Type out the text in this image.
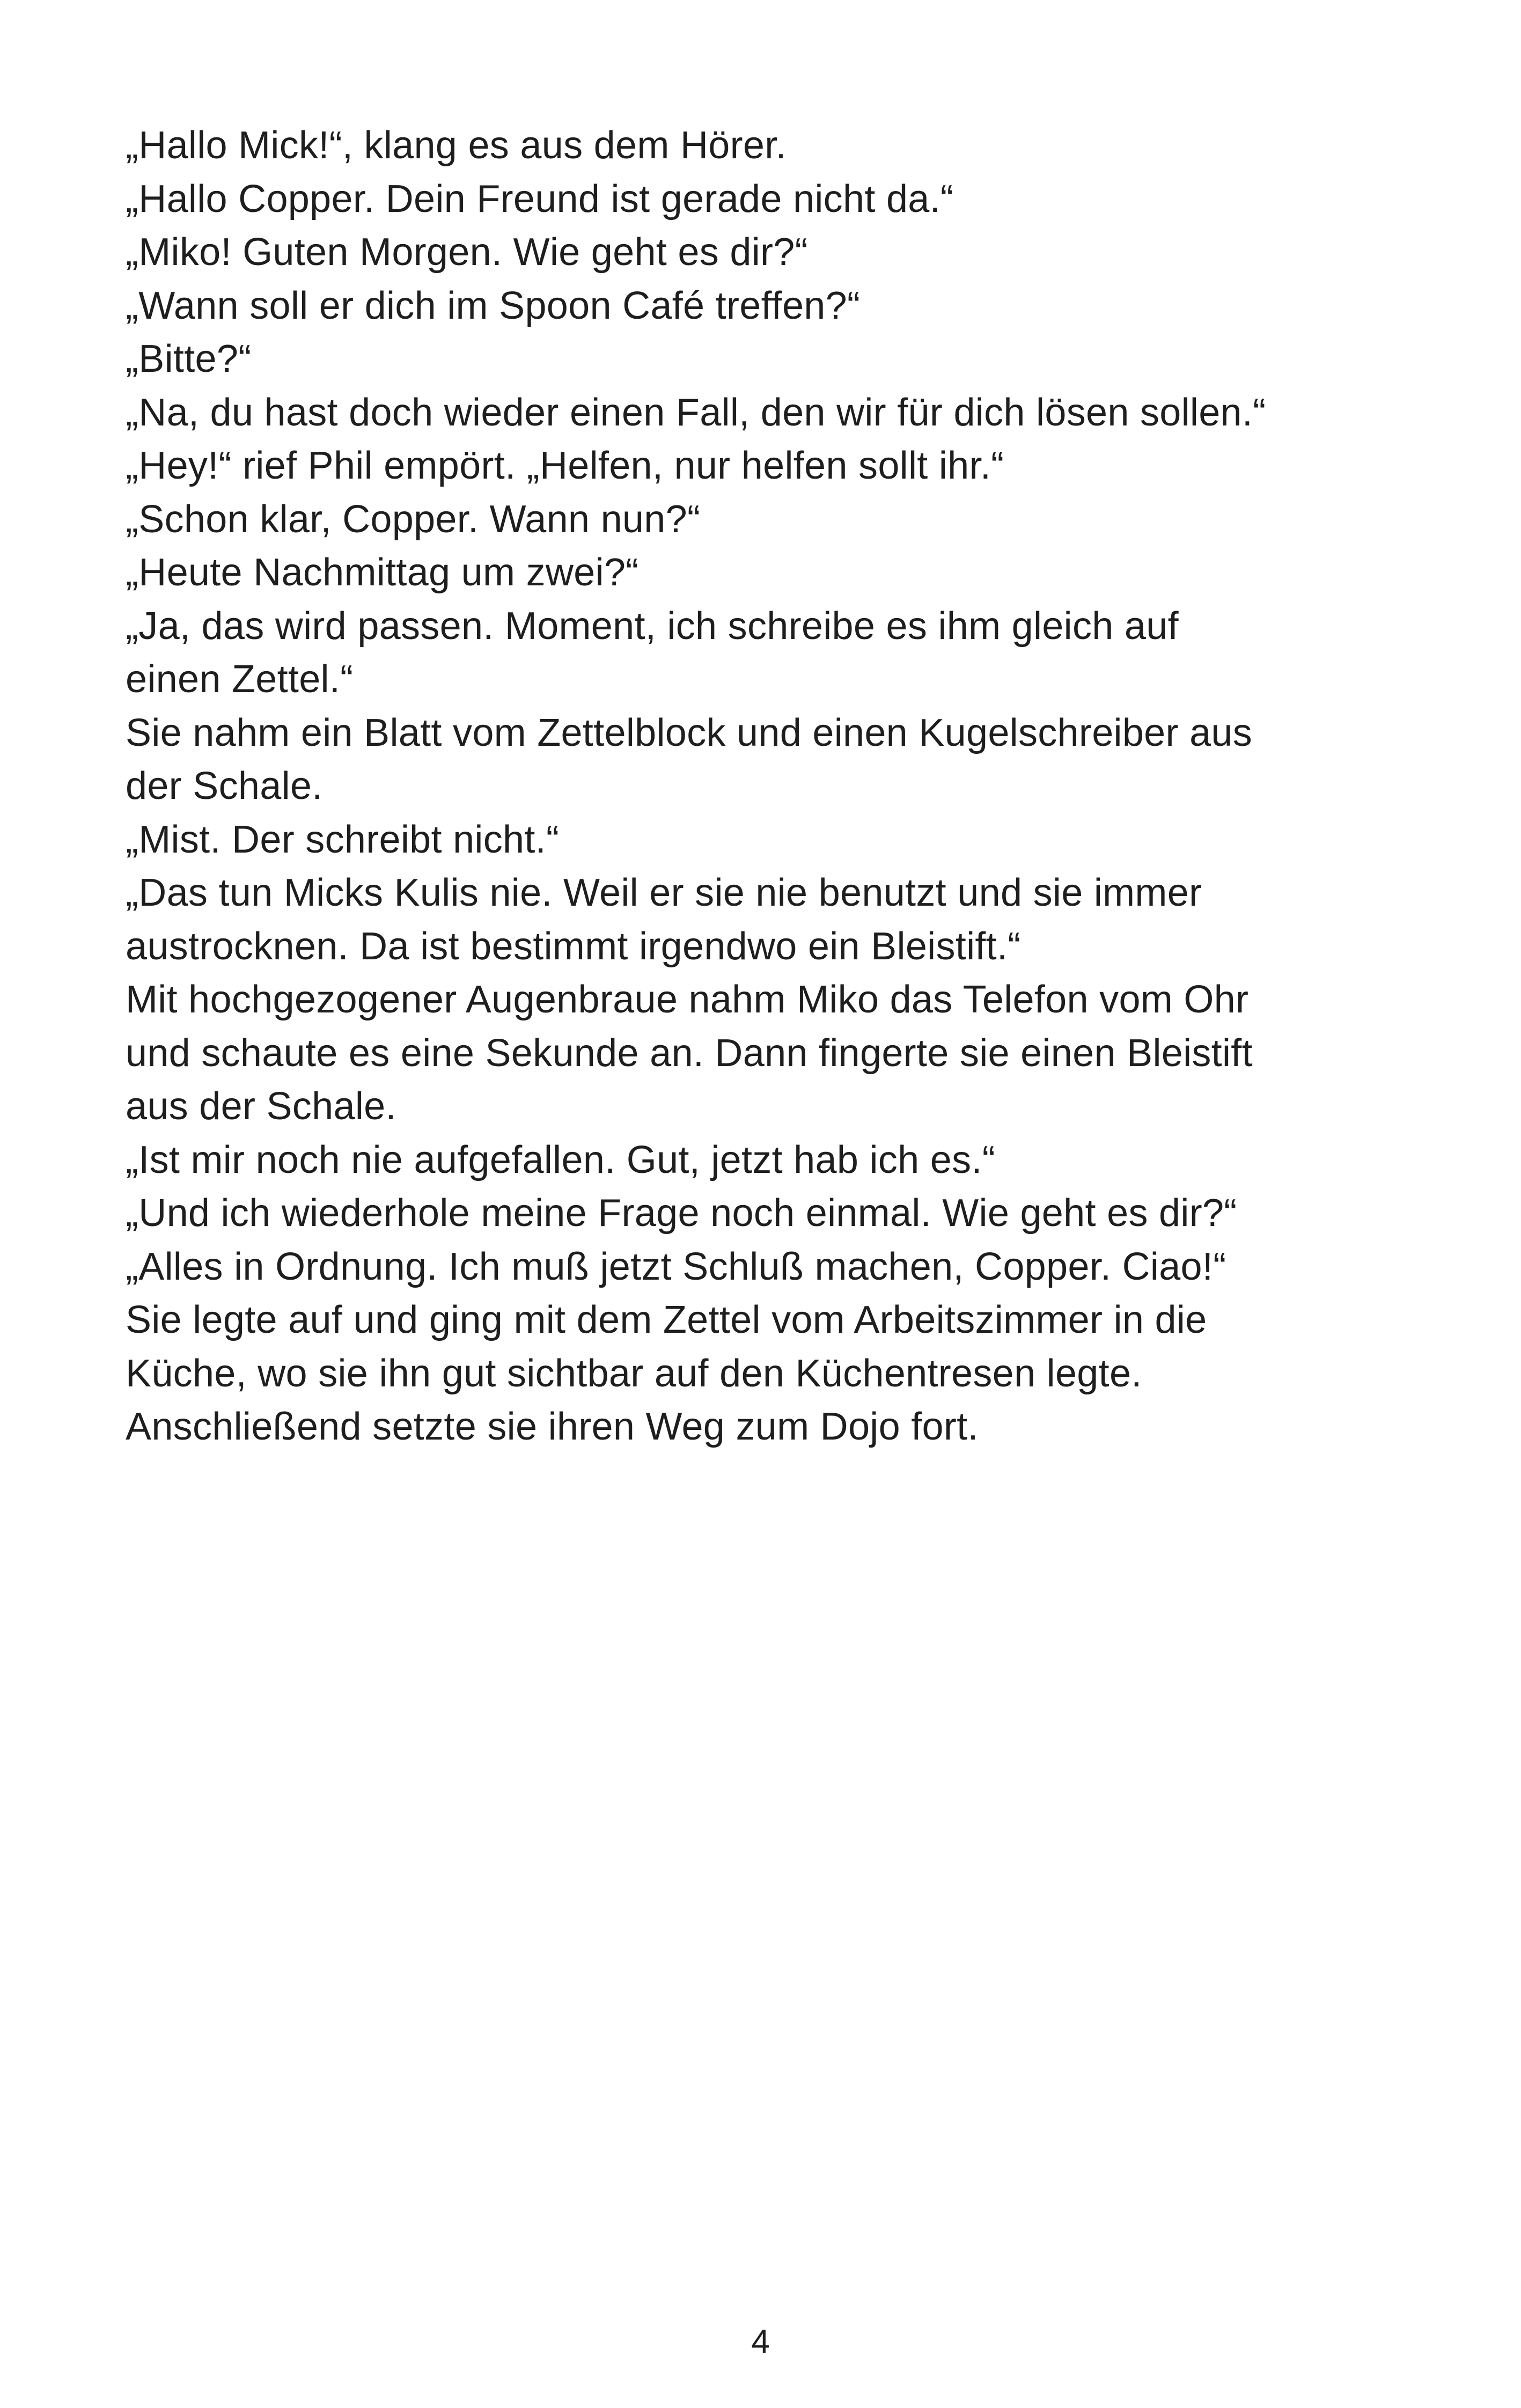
„Hallo Mick!“, klang es aus dem Hörer.
„Hallo Copper. Dein Freund ist gerade nicht da.“
„Miko! Guten Morgen. Wie geht es dir?“
„Wann soll er dich im Spoon Café treffen?“
„Bitte?“
„Na, du hast doch wieder einen Fall, den wir für dich lösen sollen.“
„Hey!“ rief Phil empört. „Helfen, nur helfen sollt ihr.“
„Schon klar, Copper. Wann nun?“
„Heute Nachmittag um zwei?“
„Ja, das wird passen. Moment, ich schreibe es ihm gleich auf
einen Zettel.“
Sie nahm ein Blatt vom Zettelblock und einen Kugelschreiber aus
der Schale.
„Mist. Der schreibt nicht.“
„Das tun Micks Kulis nie. Weil er sie nie benutzt und sie immer
austrocknen. Da ist bestimmt irgendwo ein Bleistift.“
Mit hochgezogener Augenbraue nahm Miko das Telefon vom Ohr
und schaute es eine Sekunde an. Dann fingerte sie einen Bleistift
aus der Schale.
„Ist mir noch nie aufgefallen. Gut, jetzt hab ich es.“
„Und ich wiederhole meine Frage noch einmal. Wie geht es dir?“
„Alles in Ordnung. Ich muß jetzt Schluß machen, Copper. Ciao!“
Sie legte auf und ging mit dem Zettel vom Arbeitszimmer in die
Küche, wo sie ihn gut sichtbar auf den Küchentresen legte.
Anschließend setzte sie ihren Weg zum Dojo fort.
4
